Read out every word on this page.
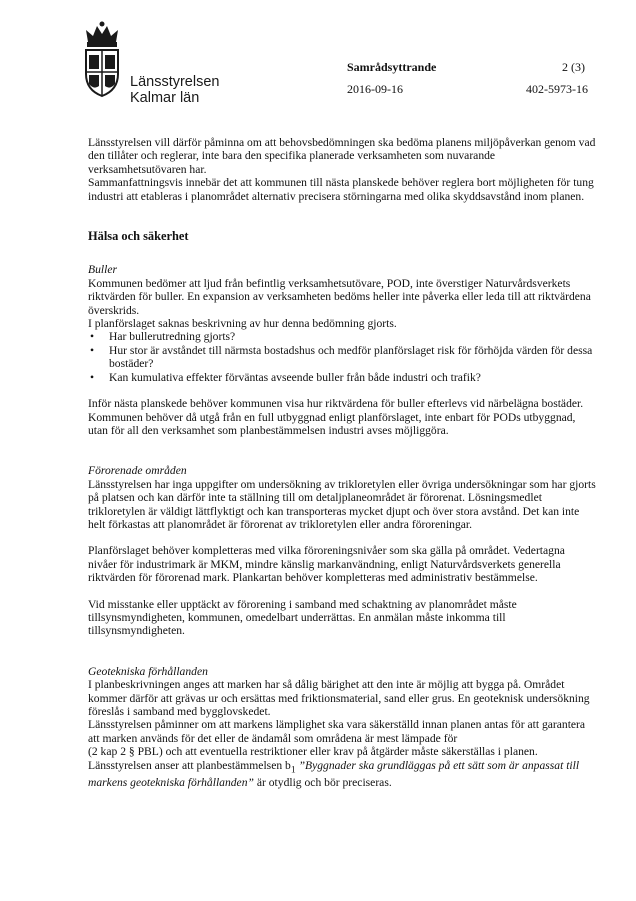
Länsstyrelsen
Kalmar län
Samrådsyttrande	2 (3)
2016-09-16	402-5973-16

Länsstyrelsen vill därför påminna om att behovsbedömningen ska bedöma planens miljöpåverkan genom vad den tillåter och reglerar, inte bara den specifika planerade verksamheten som nuvarande verksamhetsutövaren har.

Sammanfattningsvis innebär det att kommunen till nästa planskede behöver reglera bort möjligheten för tung industri att etableras i planområdet alternativ precisera störningarna med olika skyddsavstånd inom planen.

Hälsa och säkerhet

Buller

Kommunen bedömer att ljud från befintlig verksamhetsutövare, POD, inte överstiger Naturvårdsverkets riktvärden för buller. En expansion av verksamheten bedöms heller inte påverka eller leda till att riktvärdena överskrids.

I planförslaget saknas beskrivning av hur denna bedömning gjorts.

• Har bullerutredning gjorts?
• Hur stor är avståndet till närmsta bostadshus och medför planförslaget risk för förhöjda värden för dessa bostäder?
• Kan kumulativa effekter förväntas avseende buller från både industri och trafik?

Inför nästa planskede behöver kommunen visa hur riktvärdena för buller efterlevs vid närbelägna bostäder. Kommunen behöver då utgå från en full utbyggnad enligt planförslaget, inte enbart för PODs utbyggnad, utan för all den verksamhet som planbestämmelsen industri avses möjliggöra.

Förorenade områden

Länsstyrelsen har inga uppgifter om undersökning av trikloretylen eller övriga undersökningar som har gjorts på platsen och kan därför inte ta ställning till om detaljplaneområdet är förorenat. Lösningsmedlet trikloretylen är väldigt lättflyktigt och kan transporteras mycket djupt och över stora avstånd. Det kan inte helt förkastas att planområdet är förorenat av trikloretylen eller andra föroreningar.

Planförslaget behöver kompletteras med vilka föroreningsnivåer som ska gälla på området. Vedertagna nivåer för industrimark är MKM, mindre känslig markanvändning, enligt Naturvårdsverkets generella riktvärden för förorenad mark. Plankartan behöver kompletteras med administrativ bestämmelse.

Vid misstanke eller upptäckt av förorening i samband med schaktning av planområdet måste tillsynsmyndigheten, kommunen, omedelbart underrättas. En anmälan måste inkomma till tillsynsmyndigheten.

Geotekniska förhållanden

I planbeskrivningen anges att marken har så dålig bärighet att den inte är möjlig att bygga på. Området kommer därför att grävas ur och ersättas med friktionsmaterial, sand eller grus. En geoteknisk undersökning föreslås i samband med bygglovskedet.

Länsstyrelsen påminner om att markens lämplighet ska vara säkerställd innan planen antas för att garantera att marken används för det eller de ändamål som områdena är mest lämpade för
(2 kap 2 § PBL) och att eventuella restriktioner eller krav på åtgärder måste säkerställas i planen.

Länsstyrelsen anser att planbestämmelsen $b_1$ ”Byggnader ska grundläggas på ett sätt som är anpassat till markens geotekniska förhållanden” är otydlig och bör preciseras.
